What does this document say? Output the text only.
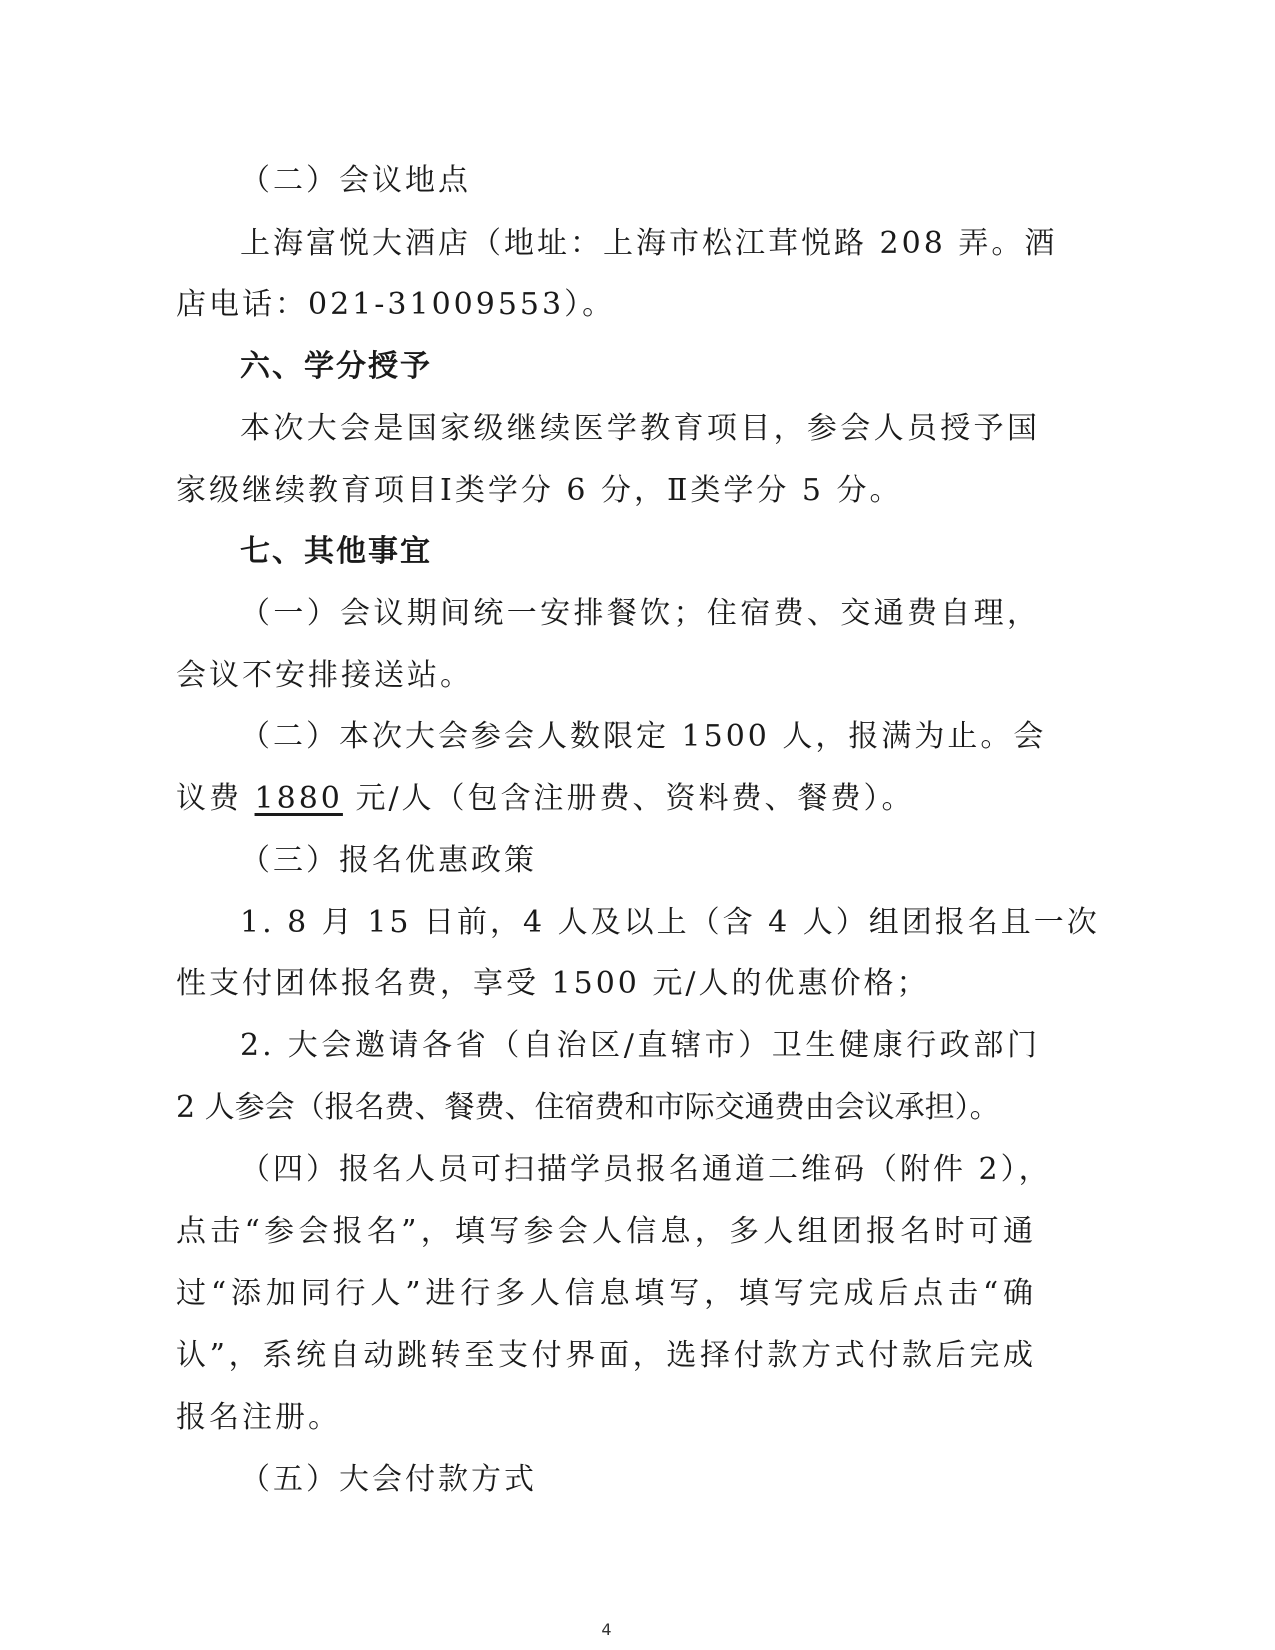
（二）会议地点
上海富悦大酒店（地址：上海市松江茸悦路 208 弄。酒
店电话：021-31009553）。
六、学分授予
本次大会是国家级继续医学教育项目，参会人员授予国
家级继续教育项目Ⅰ类学分 6 分，Ⅱ类学分 5 分。
七、其他事宜
（一）会议期间统一安排餐饮；住宿费、交通费自理，
会议不安排接送站。
（二）本次大会参会人数限定 1500 人，报满为止。会
议费 1880 元/人（包含注册费、资料费、餐费）。
（三）报名优惠政策
1. 8 月 15 日前，4 人及以上（含 4 人）组团报名且一次
性支付团体报名费，享受 1500 元/人的优惠价格；
2. 大会邀请各省（自治区/直辖市）卫生健康行政部门
2 人参会（报名费、餐费、住宿费和市际交通费由会议承担）。
（四）报名人员可扫描学员报名通道二维码（附件 2），
点击“参会报名”，填写参会人信息，多人组团报名时可通
过“添加同行人”进行多人信息填写，填写完成后点击“确
认”，系统自动跳转至支付界面，选择付款方式付款后完成
报名注册。
（五）大会付款方式
4
